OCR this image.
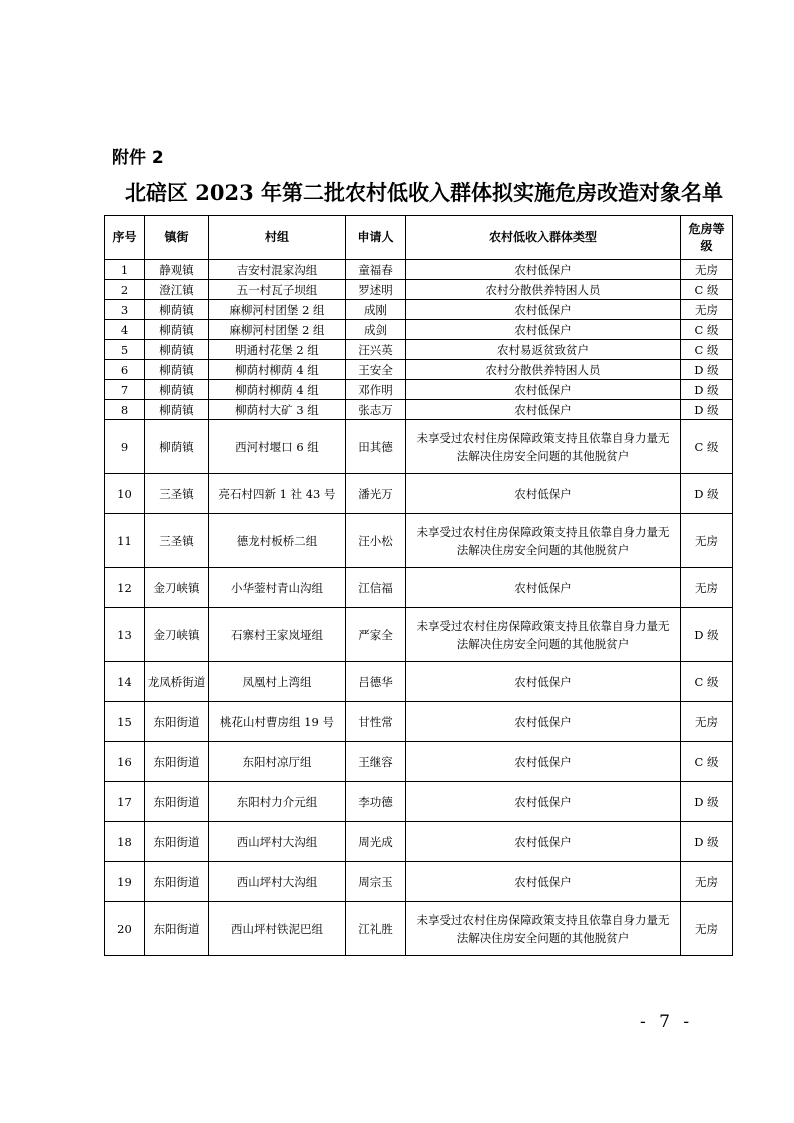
附件 2
北碚区 2023 年第二批农村低收入群体拟实施危房改造对象名单
序号	镇街	村组	申请人	农村低收入群体类型	危房等级
1	静观镇	吉安村混家沟组	童福春	农村低保户	无房
2	澄江镇	五一村瓦子坝组	罗述明	农村分散供养特困人员	C 级
3	柳荫镇	麻柳河村团堡 2 组	成刚	农村低保户	无房
4	柳荫镇	麻柳河村团堡 2 组	成剑	农村低保户	C 级
5	柳荫镇	明通村花堡 2 组	汪兴英	农村易返贫致贫户	C 级
6	柳荫镇	柳荫村柳荫 4 组	王安全	农村分散供养特困人员	D 级
7	柳荫镇	柳荫村柳荫 4 组	邓作明	农村低保户	D 级
8	柳荫镇	柳荫村大矿 3 组	张志万	农村低保户	D 级
9	柳荫镇	西河村堰口 6 组	田其德	未享受过农村住房保障政策支持且依靠自身力量无法解决住房安全问题的其他脱贫户	C 级
10	三圣镇	亮石村四新 1 社 43 号	潘光万	农村低保户	D 级
11	三圣镇	德龙村板桥二组	汪小松	未享受过农村住房保障政策支持且依靠自身力量无法解决住房安全问题的其他脱贫户	无房
12	金刀峡镇	小华蓥村青山沟组	江信福	农村低保户	无房
13	金刀峡镇	石寨村王家岚垭组	严家全	未享受过农村住房保障政策支持且依靠自身力量无法解决住房安全问题的其他脱贫户	D 级
14	龙凤桥街道	凤凰村上湾组	吕德华	农村低保户	C 级
15	东阳街道	桃花山村曹房组 19 号	甘性常	农村低保户	无房
16	东阳街道	东阳村凉厅组	王继容	农村低保户	C 级
17	东阳街道	东阳村力介元组	李功德	农村低保户	D 级
18	东阳街道	西山坪村大沟组	周光成	农村低保户	D 级
19	东阳街道	西山坪村大沟组	周宗玉	农村低保户	无房
20	东阳街道	西山坪村铁泥巴组	江礼胜	未享受过农村住房保障政策支持且依靠自身力量无法解决住房安全问题的其他脱贫户	无房
- 7 -
